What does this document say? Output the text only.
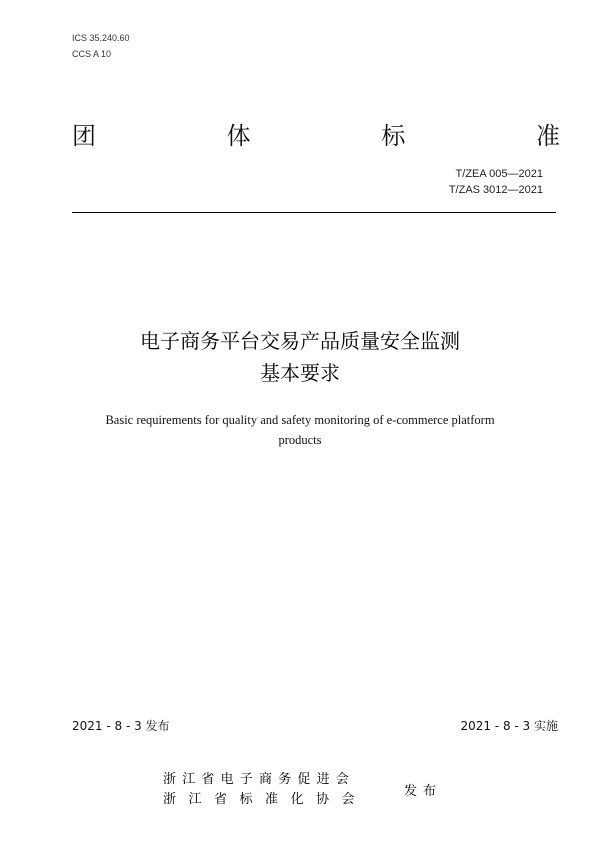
ICS 35.240.60
CCS A 10
团	体	标	准
T/ZEA 005—2021
T/ZAS 3012—2021
电子商务平台交易产品质量安全监测
基本要求
Basic requirements for quality and safety monitoring of e-commerce platform
products
2021 - 8 - 3 发布	2021 - 8 - 3 实施
浙江省电子商务促进会
浙江省标准化协会
发布
